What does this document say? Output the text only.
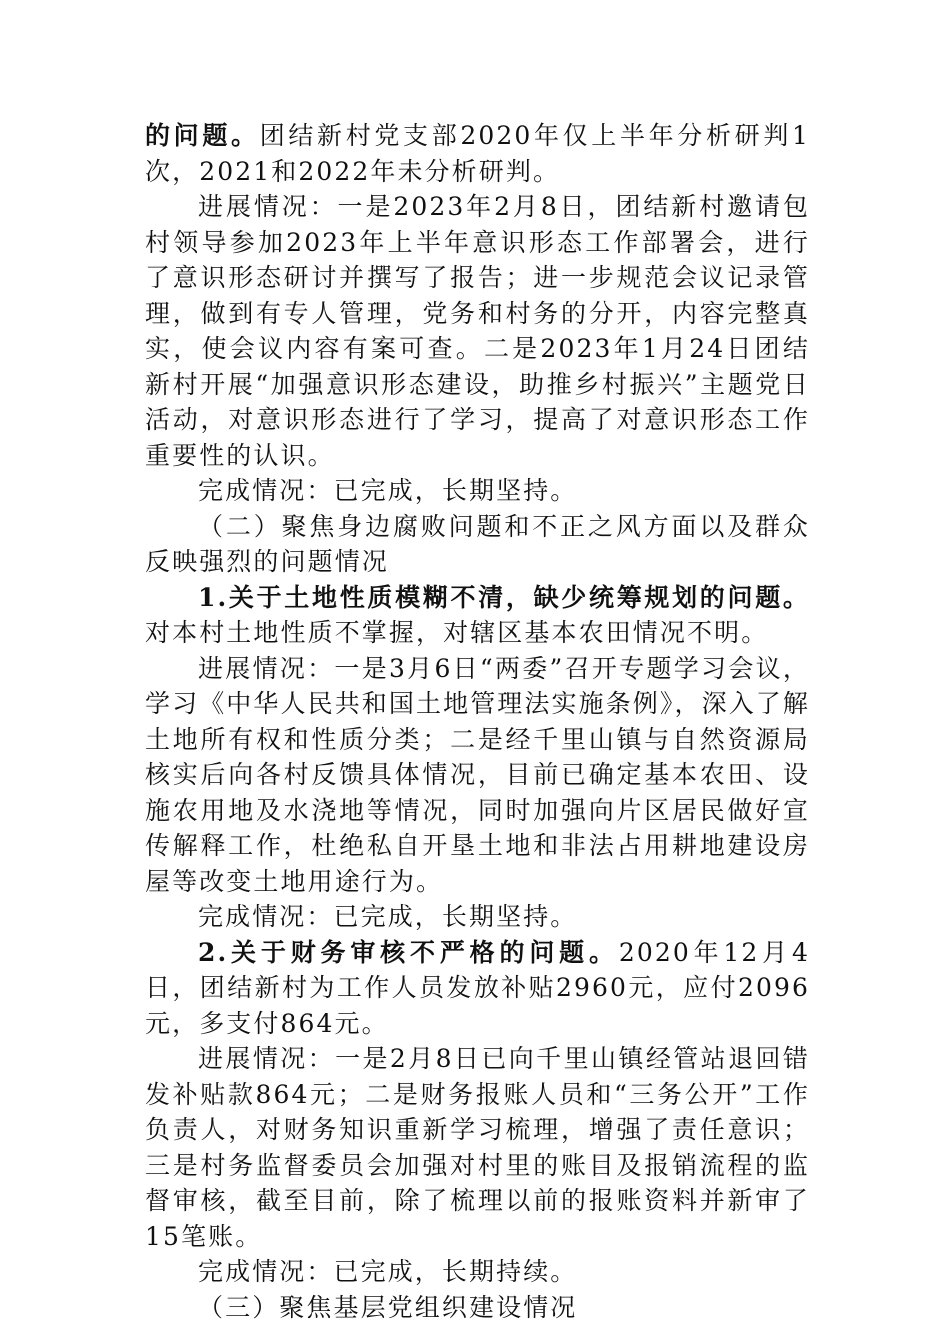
的问题。团结新村党支部2020年仅上半年分析研判1次，2021和2022年未分析研判。

进展情况：一是2023年2月8日，团结新村邀请包村领导参加2023年上半年意识形态工作部署会，进行了意识形态研讨并撰写了报告；进一步规范会议记录管理，做到有专人管理，党务和村务的分开，内容完整真实，使会议内容有案可查。二是2023年1月24日团结新村开展“加强意识形态建设，助推乡村振兴”主题党日活动，对意识形态进行了学习，提高了对意识形态工作重要性的认识。

完成情况：已完成，长期坚持。

（二）聚焦身边腐败问题和不正之风方面以及群众反映强烈的问题情况

1.关于土地性质模糊不清，缺少统筹规划的问题。对本村土地性质不掌握，对辖区基本农田情况不明。

进展情况：一是3月6日“两委”召开专题学习会议，学习《中华人民共和国土地管理法实施条例》，深入了解土地所有权和性质分类；二是经千里山镇与自然资源局核实后向各村反馈具体情况，目前已确定基本农田、设施农用地及水浇地等情况，同时加强向片区居民做好宣传解释工作，杜绝私自开垦土地和非法占用耕地建设房屋等改变土地用途行为。

完成情况：已完成，长期坚持。

2.关于财务审核不严格的问题。2020年12月4日，团结新村为工作人员发放补贴2960元，应付2096元，多支付864元。

进展情况：一是2月8日已向千里山镇经管站退回错发补贴款864元；二是财务报账人员和“三务公开”工作负责人，对财务知识重新学习梳理，增强了责任意识；三是村务监督委员会加强对村里的账目及报销流程的监督审核，截至目前，除了梳理以前的报账资料并新审了15笔账。

完成情况：已完成，长期持续。

（三）聚焦基层党组织建设情况
